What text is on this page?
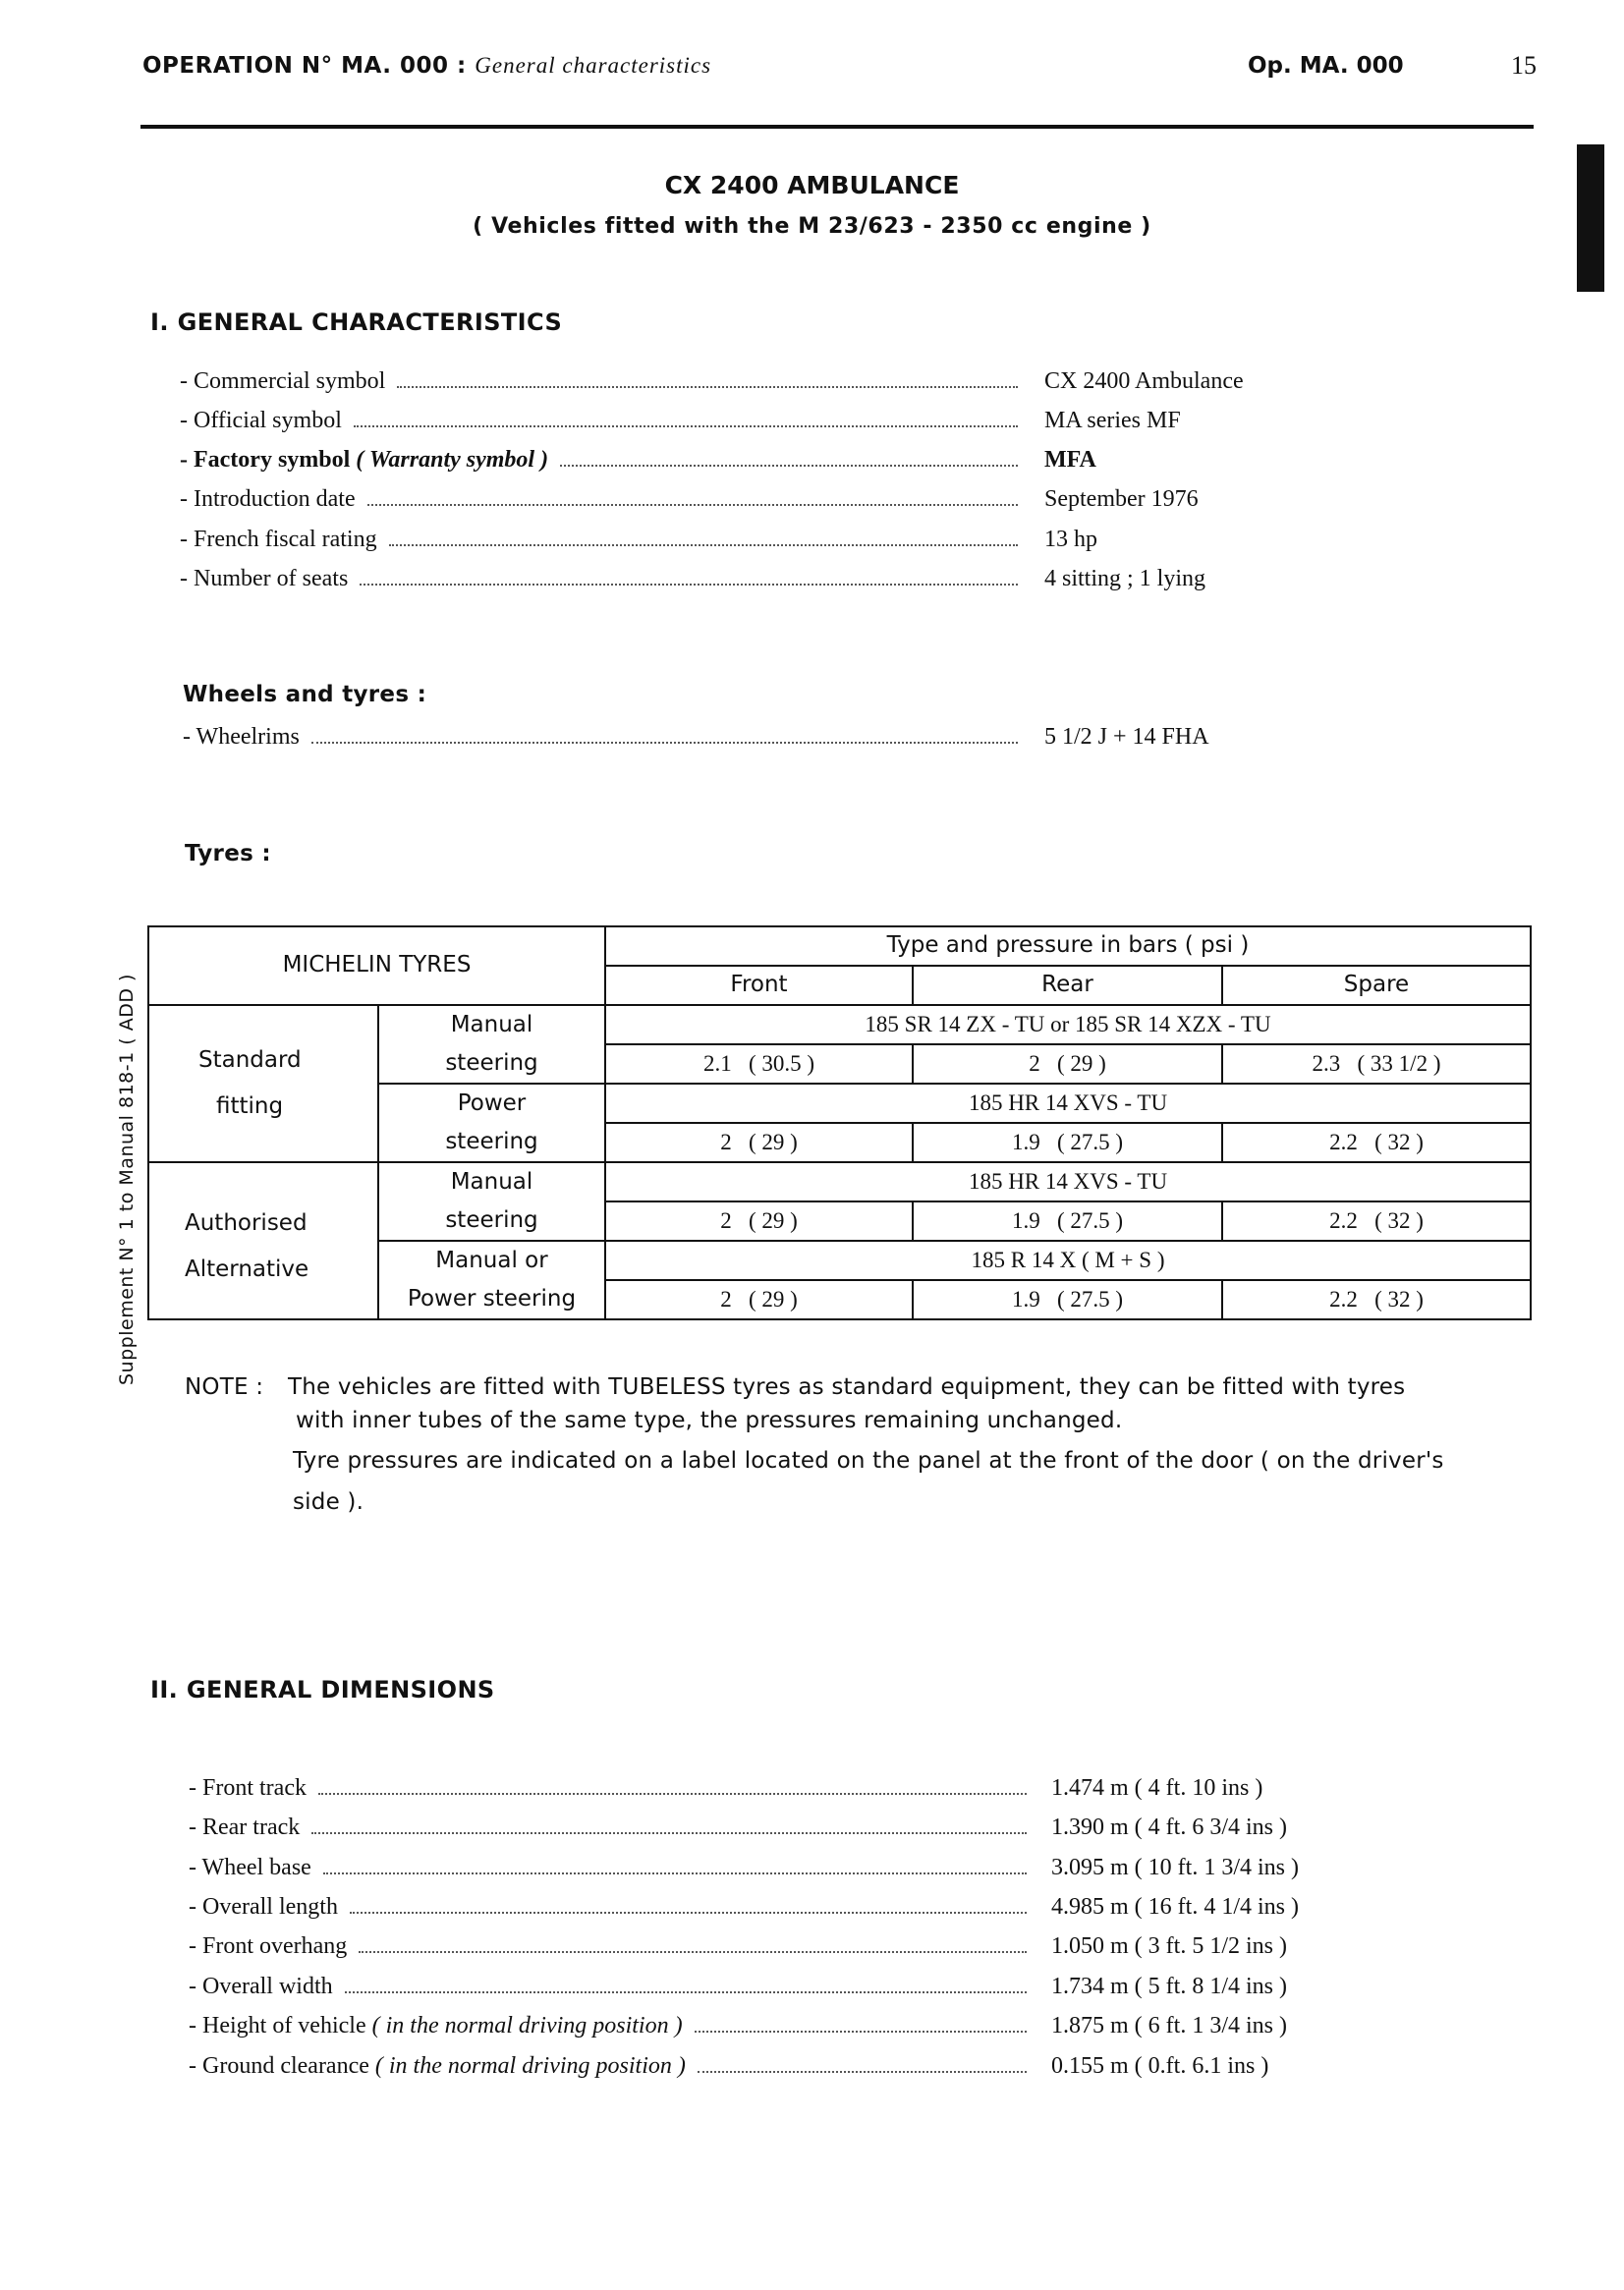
OPERATION N° MA. 000 : General characteristics	Op. MA. 000	15
CX 2400 AMBULANCE
( Vehicles fitted with the M 23/623 - 2350 cc engine )
I. GENERAL CHARACTERISTICS
- Commercial symbol	CX 2400 Ambulance
- Official symbol	MA series MF
- Factory symbol ( Warranty symbol )	MFA
- Introduction date	September 1976
- French fiscal rating	13 hp
- Number of seats	4 sitting ; 1 lying
Wheels and tyres :
- Wheelrims	5 1/2 J + 14 FHA
Tyres :
MICHELIN TYRES		Type and pressure in bars ( psi )		
		Front	Rear	Spare

Standard
fitting	Manual	185 SR 14 ZX - TU or 185 SR 14 XZX - TU		
	steering	2.1   ( 30.5 )	2   ( 29 )	2.3   ( 33 1/2 )
	Power	185 HR 14 XVS - TU		
	steering	2   ( 29 )	1.9   ( 27.5 )	2.2   ( 32 )

Authorised
Alternative	Manual	185 HR 14 XVS - TU		
	steering	2   ( 29 )	1.9   ( 27.5 )	2.2   ( 32 )
	Manual or	185 R 14 X ( M + S )		
	Power steering	2   ( 29 )	1.9   ( 27.5 )	2.2   ( 32 )
Supplement N° 1 to Manual 818-1 ( ADD )
NOTE : The vehicles are fitted with TUBELESS tyres as standard equipment, they can be fitted with tyres
with inner tubes of the same type, the pressures remaining unchanged.
Tyre pressures are indicated on a label located on the panel at the front of the door ( on the driver's
side ).
II. GENERAL DIMENSIONS
- Front track	1.474 m ( 4 ft. 10 ins )
- Rear track	1.390 m ( 4 ft. 6 3/4 ins )
- Wheel base	3.095 m ( 10 ft. 1 3/4 ins )
- Overall length	4.985 m ( 16 ft. 4 1/4 ins )
- Front overhang	1.050 m ( 3 ft. 5 1/2 ins )
- Overall width	1.734 m ( 5 ft. 8 1/4 ins )
- Height of vehicle ( in the normal driving position )	1.875 m ( 6 ft. 1 3/4 ins )
- Ground clearance ( in the normal driving position )	0.155 m ( 0.ft. 6.1 ins )
